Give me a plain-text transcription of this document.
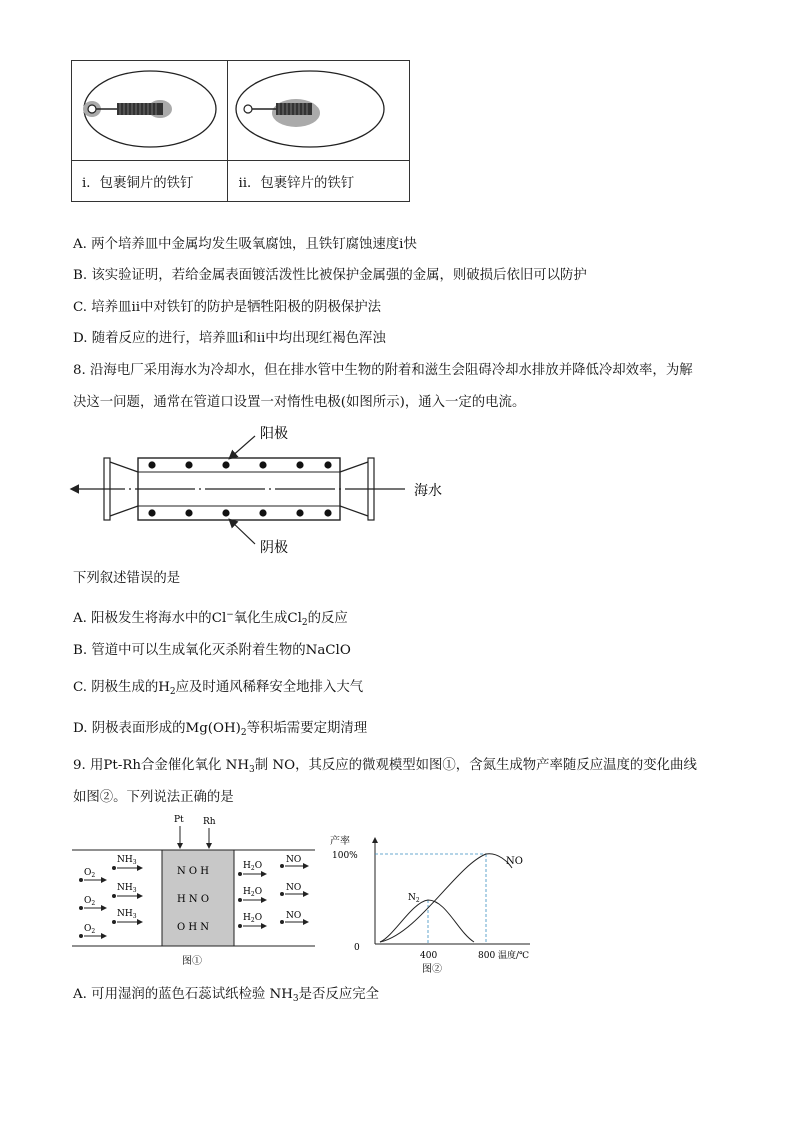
ⅰ．包裹铜片的铁钉	ⅱ．包裹锌片的铁钉
A. 两个培养皿中金属均发生吸氧腐蚀，且铁钉腐蚀速度ⅰ快
B. 该实验证明，若给金属表面镀活泼性比被保护金属强的金属，则破损后依旧可以防护
C. 培养皿ⅱ中对铁钉的防护是牺牲阳极的阴极保护法
D. 随着反应的进行，培养皿ⅰ和ⅱ中均出现红褐色浑浊
8. 沿海电厂采用海水为冷却水，但在排水管中生物的附着和滋生会阻碍冷却水排放并降低冷却效率，为解
决这一问题，通常在管道口设置一对惰性电极(如图所示)，通入一定的电流。
阳极
阴极
海水
下列叙述错误的是
A. 阳极发生将海水中的Cl−氧化生成$Cl_2$的反应
B. 管道中可以生成氧化灭杀附着生物的NaClO
C. 阴极生成的$H_2$应及时通风稀释安全地排入大气
D. 阴极表面形成的$Mg(OH)_2$等积垢需要定期清理
9. 用Pt-Rh合金催化氧化 $NH_3$制 NO，其反应的微观模型如图①，含氮生成物产率随反应温度的变化曲线
如图②。下列说法正确的是
Pt Rh
N O H
H N O
O H N
$O_2$
$O_2$
$O_2$
$NH_3$
$NH_3$
$NH_3$
$H_2O$
$H_2O$
$H_2O$
NO
NO
NO
图①
产率
100%
0
400	800 温度/℃
$N_2$
NO
图②
A. 可用湿润的蓝色石蕊试纸检验 $NH_3$是否反应完全
